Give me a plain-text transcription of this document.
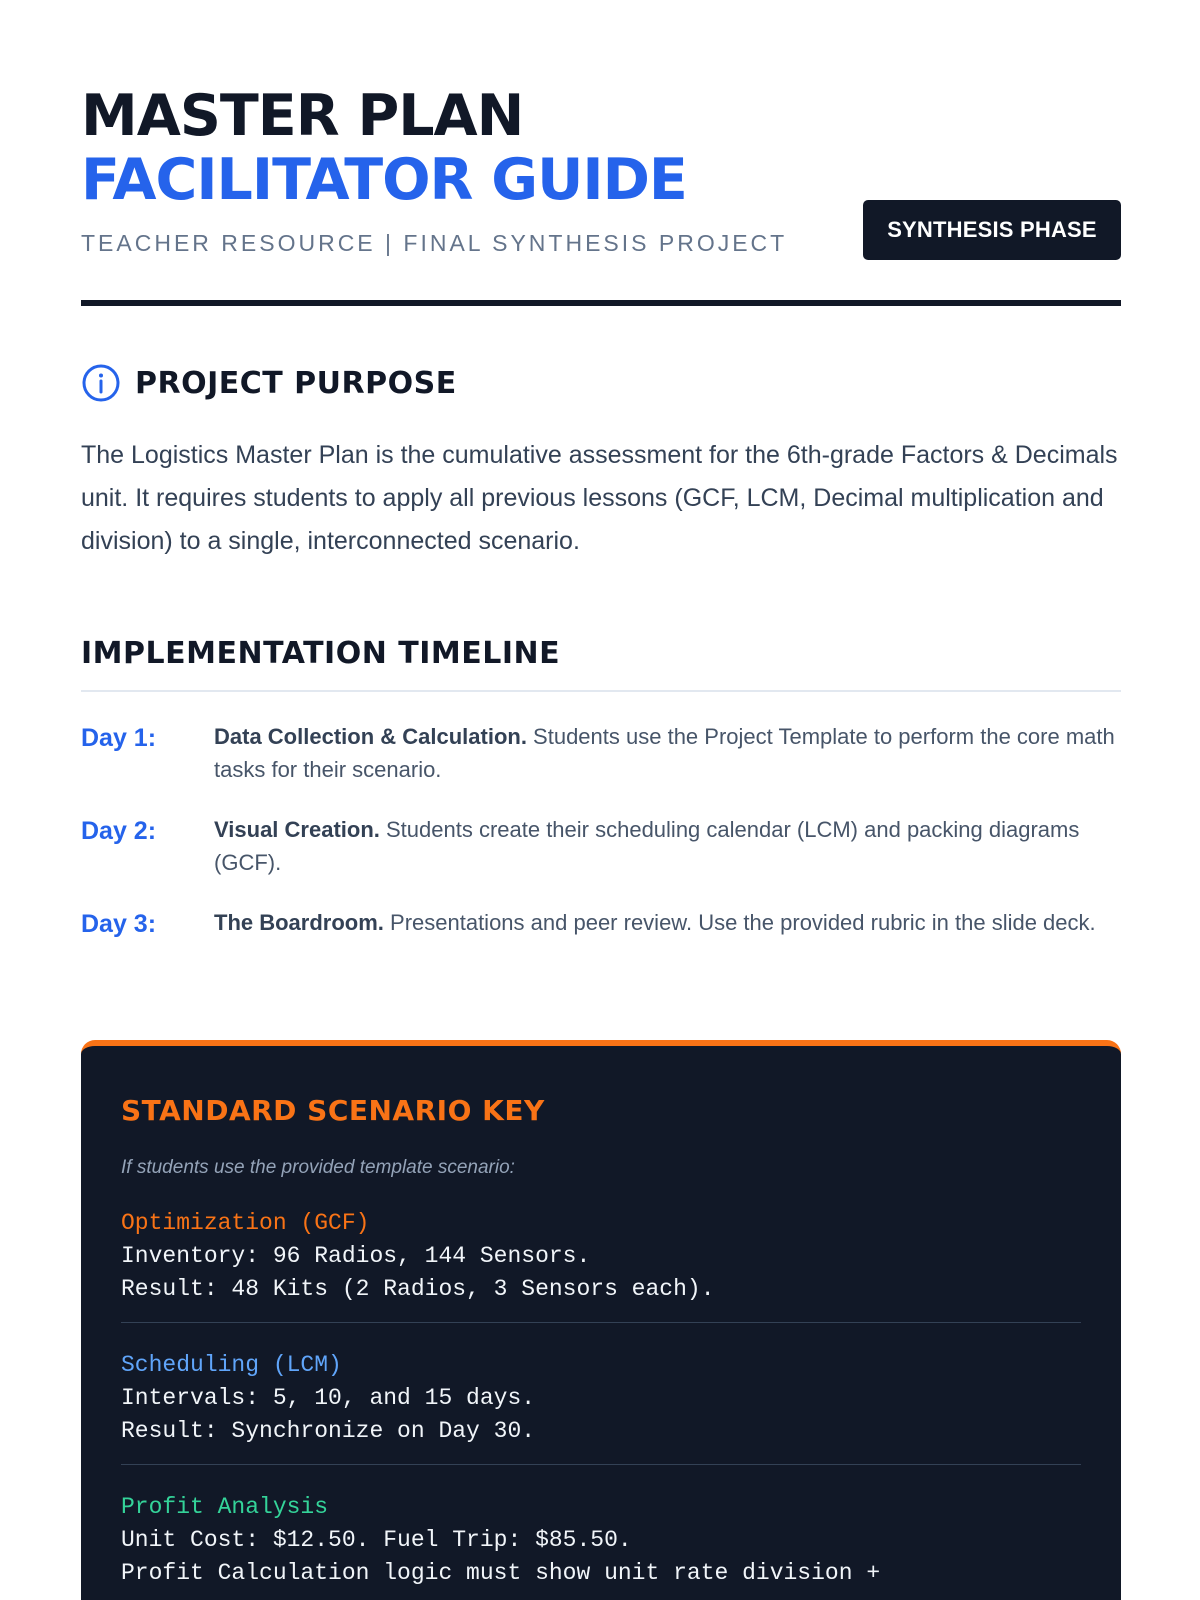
MASTER PLAN
FACILITATOR GUIDE
TEACHER RESOURCE | FINAL SYNTHESIS PROJECT
SYNTHESIS PHASE
PROJECT PURPOSE

The Logistics Master Plan is the cumulative assessment for the 6th-grade Factors & Decimals unit. It requires students to apply all previous lessons (GCF, LCM, Decimal multiplication and division) to a single, interconnected scenario.

IMPLEMENTATION TIMELINE
Day 1:	Data Collection & Calculation. Students use the Project Template to perform the core math tasks for their scenario.
Day 2:	Visual Creation. Students create their scheduling calendar (LCM) and packing diagrams (GCF).
Day 3:	The Boardroom. Presentations and peer review. Use the provided rubric in the slide deck.
STANDARD SCENARIO KEY
If students use the provided template scenario:
Optimization (GCF)
Inventory: 96 Radios, 144 Sensors.
Result: 48 Kits (2 Radios, 3 Sensors each).
Scheduling (LCM)
Intervals: 5, 10, and 15 days.
Result: Synchronize on Day 30.
Profit Analysis
Unit Cost: $12.50. Fuel Trip: $85.50.
Profit Calculation logic must show unit rate division +
